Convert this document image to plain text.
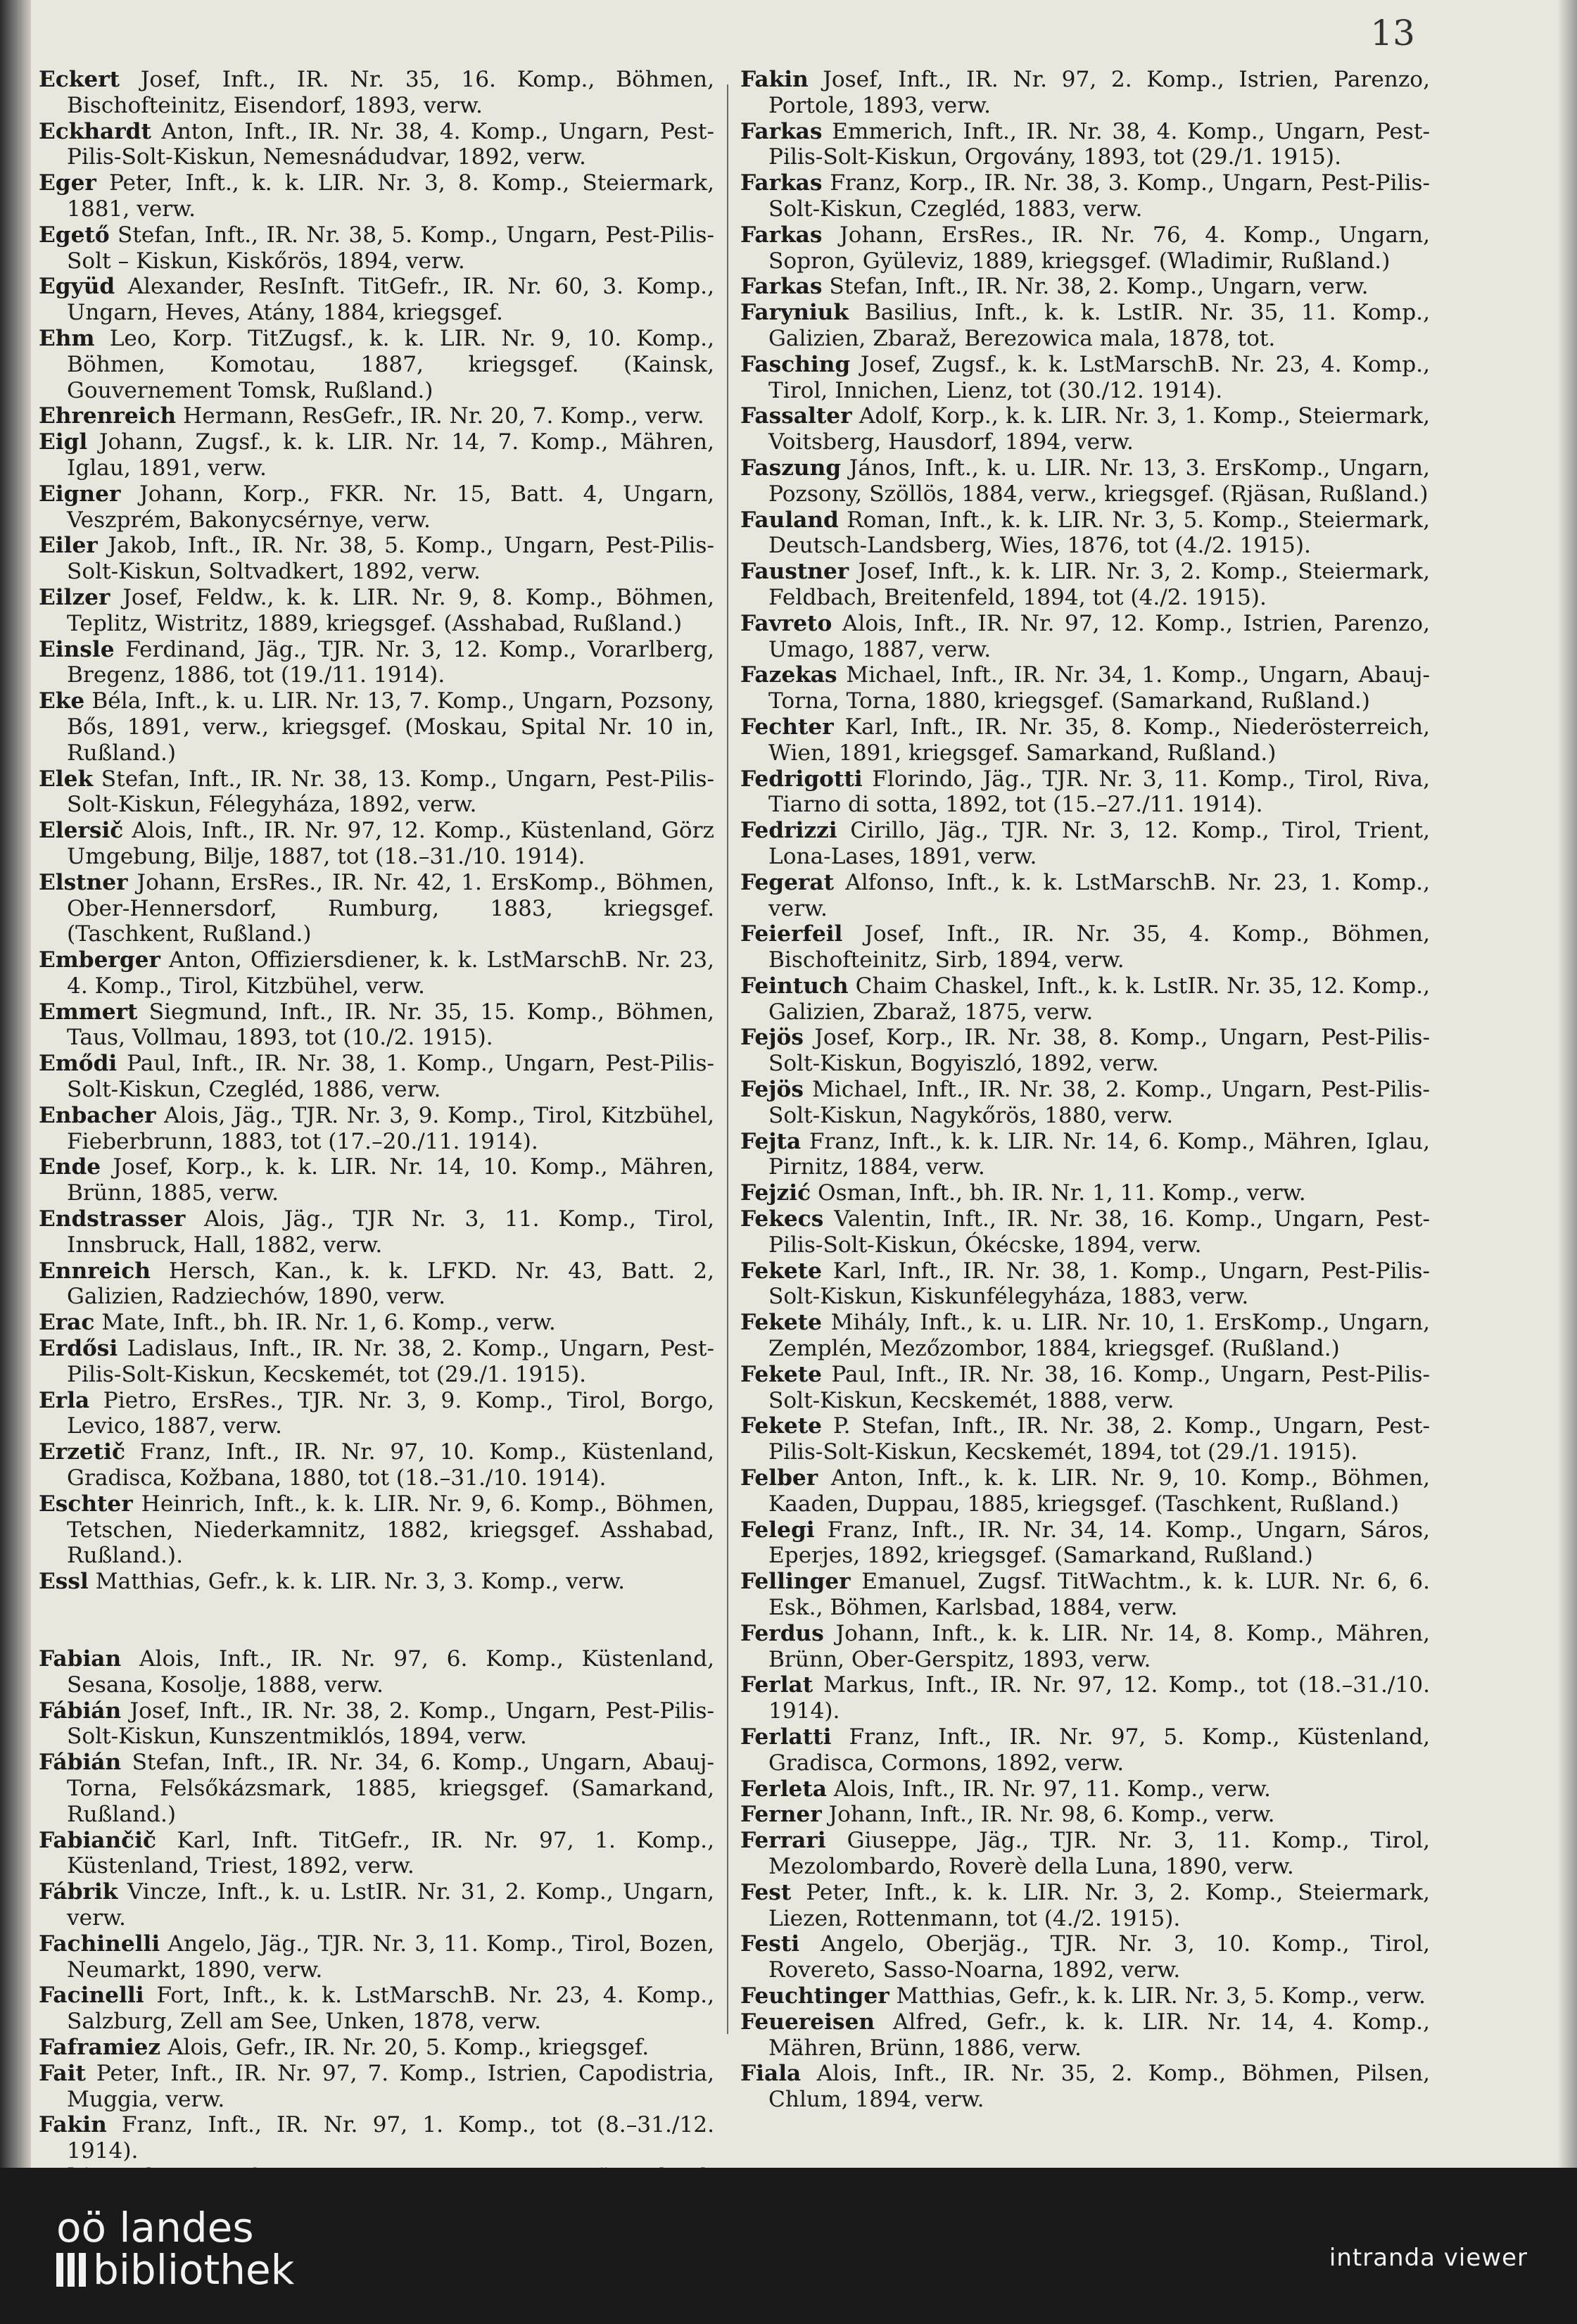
13

Eckert Josef, Inft., IR. Nr. 35, 16. Komp., Böhmen, Bischofteinitz, Eisendorf, 1893, verw.

Eckhardt Anton, Inft., IR. Nr. 38, 4. Komp., Ungarn, Pest-Pilis-Solt-Kiskun, Nemesnádudvar, 1892, verw.

Eger Peter, Inft., k. k. LIR. Nr. 3, 8. Komp., Steiermark, 1881, verw.

Egető Stefan, Inft., IR. Nr. 38, 5. Komp., Ungarn, Pest-Pilis-Solt – Kiskun, Kiskőrös, 1894, verw.

Együd Alexander, ResInft. TitGefr., IR. Nr. 60, 3. Komp., Ungarn, Heves, Atány, 1884, kriegsgef.

Ehm Leo, Korp. TitZugsf., k. k. LIR. Nr. 9, 10. Komp., Böhmen, Komotau, 1887, kriegsgef. (Kainsk, Gouvernement Tomsk, Rußland.)

Ehrenreich Hermann, ResGefr., IR. Nr. 20, 7. Komp., verw.

Eigl Johann, Zugsf., k. k. LIR. Nr. 14, 7. Komp., Mähren, Iglau, 1891, verw.

Eigner Johann, Korp., FKR. Nr. 15, Batt. 4, Ungarn, Veszprém, Bakonycsérnye, verw.

Eiler Jakob, Inft., IR. Nr. 38, 5. Komp., Ungarn, Pest-Pilis-Solt-Kiskun, Soltvadkert, 1892, verw.

Eilzer Josef, Feldw., k. k. LIR. Nr. 9, 8. Komp., Böhmen, Teplitz, Wistritz, 1889, kriegsgef. (Asshabad, Rußland.)

Einsle Ferdinand, Jäg., TJR. Nr. 3, 12. Komp., Vorarlberg, Bregenz, 1886, tot (19./11. 1914).

Eke Béla, Inft., k. u. LIR. Nr. 13, 7. Komp., Ungarn, Pozsony, Bős, 1891, verw., kriegsgef. (Moskau, Spital Nr. 10 in, Rußland.)

Elek Stefan, Inft., IR. Nr. 38, 13. Komp., Ungarn, Pest-Pilis-Solt-Kiskun, Félegyháza, 1892, verw.

Elersič Alois, Inft., IR. Nr. 97, 12. Komp., Küstenland, Görz Umgebung, Bilje, 1887, tot (18.–31./10. 1914).

Elstner Johann, ErsRes., IR. Nr. 42, 1. ErsKomp., Böhmen, Ober-Hennersdorf, Rumburg, 1883, kriegsgef. (Taschkent, Rußland.)

Emberger Anton, Offiziersdiener, k. k. LstMarschB. Nr. 23, 4. Komp., Tirol, Kitzbühel, verw.

Emmert Siegmund, Inft., IR. Nr. 35, 15. Komp., Böhmen, Taus, Vollmau, 1893, tot (10./2. 1915).

Emődi Paul, Inft., IR. Nr. 38, 1. Komp., Ungarn, Pest-Pilis-Solt-Kiskun, Czegléd, 1886, verw.

Enbacher Alois, Jäg., TJR. Nr. 3, 9. Komp., Tirol, Kitzbühel, Fieberbrunn, 1883, tot (17.–20./11. 1914).

Ende Josef, Korp., k. k. LIR. Nr. 14, 10. Komp., Mähren, Brünn, 1885, verw.

Endstrasser Alois, Jäg., TJR Nr. 3, 11. Komp., Tirol, Innsbruck, Hall, 1882, verw.

Ennreich Hersch, Kan., k. k. LFKD. Nr. 43, Batt. 2, Galizien, Radziechów, 1890, verw.

Erac Mate, Inft., bh. IR. Nr. 1, 6. Komp., verw.

Erdősi Ladislaus, Inft., IR. Nr. 38, 2. Komp., Ungarn, Pest-Pilis-Solt-Kiskun, Kecskemét, tot (29./1. 1915).

Erla Pietro, ErsRes., TJR. Nr. 3, 9. Komp., Tirol, Borgo, Levico, 1887, verw.

Erzetič Franz, Inft., IR. Nr. 97, 10. Komp., Küstenland, Gradisca, Kožbana, 1880, tot (18.–31./10. 1914).

Eschter Heinrich, Inft., k. k. LIR. Nr. 9, 6. Komp., Böhmen, Tetschen, Niederkamnitz, 1882, kriegsgef. Asshabad, Rußland.).

Essl Matthias, Gefr., k. k. LIR. Nr. 3, 3. Komp., verw.

Fabian Alois, Inft., IR. Nr. 97, 6. Komp., Küstenland, Sesana, Kosolje, 1888, verw.

Fábián Josef, Inft., IR. Nr. 38, 2. Komp., Ungarn, Pest-Pilis-Solt-Kiskun, Kunszentmiklós, 1894, verw.

Fábián Stefan, Inft., IR. Nr. 34, 6. Komp., Ungarn, Abauj-Torna, Felsőkázsmark, 1885, kriegsgef. (Samarkand, Rußland.)

Fabiančič Karl, Inft. TitGefr., IR. Nr. 97, 1. Komp., Küstenland, Triest, 1892, verw.

Fábrik Vincze, Inft., k. u. LstIR. Nr. 31, 2. Komp., Ungarn, verw.

Fachinelli Angelo, Jäg., TJR. Nr. 3, 11. Komp., Tirol, Bozen, Neumarkt, 1890, verw.

Facinelli Fort, Inft., k. k. LstMarschB. Nr. 23, 4. Komp., Salzburg, Zell am See, Unken, 1878, verw.

Faframiez Alois, Gefr., IR. Nr. 20, 5. Komp., kriegsgef.

Fait Peter, Inft., IR. Nr. 97, 7. Komp., Istrien, Capodistria, Muggia, verw.

Fakin Franz, Inft., IR. Nr. 97, 1. Komp., tot (8.–31./12. 1914).

Fakin Josef, Inft., IR. Nr. 97, 2. Komp., Istrien, Parenzo, Portole, 1893, verw.

Farkas Emmerich, Inft., IR. Nr. 38, 4. Komp., Ungarn, Pest-Pilis-Solt-Kiskun, Orgovány, 1893, tot (29./1. 1915).

Farkas Franz, Korp., IR. Nr. 38, 3. Komp., Ungarn, Pest-Pilis-Solt-Kiskun, Czegléd, 1883, verw.

Farkas Johann, ErsRes., IR. Nr. 76, 4. Komp., Ungarn, Sopron, Gyüleviz, 1889, kriegsgef. (Wladimir, Rußland.)

Farkas Stefan, Inft., IR. Nr. 38, 2. Komp., Ungarn, verw.

Faryniuk Basilius, Inft., k. k. LstIR. Nr. 35, 11. Komp., Galizien, Zbaraž, Berezowica mala, 1878, tot.

Fasching Josef, Zugsf., k. k. LstMarschB. Nr. 23, 4. Komp., Tirol, Innichen, Lienz, tot (30./12. 1914).

Fassalter Adolf, Korp., k. k. LIR. Nr. 3, 1. Komp., Steiermark, Voitsberg, Hausdorf, 1894, verw.

Faszung János, Inft., k. u. LIR. Nr. 13, 3. ErsKomp., Ungarn, Pozsony, Szöllös, 1884, verw., kriegsgef. (Rjäsan, Rußland.)

Fauland Roman, Inft., k. k. LIR. Nr. 3, 5. Komp., Steiermark, Deutsch-Landsberg, Wies, 1876, tot (4./2. 1915).

Faustner Josef, Inft., k. k. LIR. Nr. 3, 2. Komp., Steiermark, Feldbach, Breitenfeld, 1894, tot (4./2. 1915).

Favreto Alois, Inft., IR. Nr. 97, 12. Komp., Istrien, Parenzo, Umago, 1887, verw.

Fazekas Michael, Inft., IR. Nr. 34, 1. Komp., Ungarn, Abauj-Torna, Torna, 1880, kriegsgef. (Samarkand, Rußland.)

Fechter Karl, Inft., IR. Nr. 35, 8. Komp., Niederösterreich, Wien, 1891, kriegsgef. Samarkand, Rußland.)

Fedrigotti Florindo, Jäg., TJR. Nr. 3, 11. Komp., Tirol, Riva, Tiarno di sotta, 1892, tot (15.–27./11. 1914).

Fedrizzi Cirillo, Jäg., TJR. Nr. 3, 12. Komp., Tirol, Trient, Lona-Lases, 1891, verw.

Fegerat Alfonso, Inft., k. k. LstMarschB. Nr. 23, 1. Komp., verw.

Feierfeil Josef, Inft., IR. Nr. 35, 4. Komp., Böhmen, Bischofteinitz, Sirb, 1894, verw.

Feintuch Chaim Chaskel, Inft., k. k. LstIR. Nr. 35, 12. Komp., Galizien, Zbaraž, 1875, verw.

Fejös Josef, Korp., IR. Nr. 38, 8. Komp., Ungarn, Pest-Pilis-Solt-Kiskun, Bogyiszló, 1892, verw.

Fejös Michael, Inft., IR. Nr. 38, 2. Komp., Ungarn, Pest-Pilis-Solt-Kiskun, Nagykőrös, 1880, verw.

Fejta Franz, Inft., k. k. LIR. Nr. 14, 6. Komp., Mähren, Iglau, Pirnitz, 1884, verw.

Fejzić Osman, Inft., bh. IR. Nr. 1, 11. Komp., verw.

Fekecs Valentin, Inft., IR. Nr. 38, 16. Komp., Ungarn, Pest-Pilis-Solt-Kiskun, Ókécske, 1894, verw.

Fekete Karl, Inft., IR. Nr. 38, 1. Komp., Ungarn, Pest-Pilis-Solt-Kiskun, Kiskunfélegyháza, 1883, verw.

Fekete Mihály, Inft., k. u. LIR. Nr. 10, 1. ErsKomp., Ungarn, Zemplén, Mezőzombor, 1884, kriegsgef. (Rußland.)

Fekete Paul, Inft., IR. Nr. 38, 16. Komp., Ungarn, Pest-Pilis-Solt-Kiskun, Kecskemét, 1888, verw.

Fekete P. Stefan, Inft., IR. Nr. 38, 2. Komp., Ungarn, Pest-Pilis-Solt-Kiskun, Kecskemét, 1894, tot (29./1. 1915).

Felber Anton, Inft., k. k. LIR. Nr. 9, 10. Komp., Böhmen, Kaaden, Duppau, 1885, kriegsgef. (Taschkent, Rußland.)

Felegi Franz, Inft., IR. Nr. 34, 14. Komp., Ungarn, Sáros, Eperjes, 1892, kriegsgef. (Samarkand, Rußland.)

Fellinger Emanuel, Zugsf. TitWachtm., k. k. LUR. Nr. 6, 6. Esk., Böhmen, Karlsbad, 1884, verw.

Ferdus Johann, Inft., k. k. LIR. Nr. 14, 8. Komp., Mähren, Brünn, Ober-Gerspitz, 1893, verw.

Ferlat Markus, Inft., IR. Nr. 97, 12. Komp., tot (18.–31./10. 1914).

Ferlatti Franz, Inft., IR. Nr. 97, 5. Komp., Küstenland, Gradisca, Cormons, 1892, verw.

Ferleta Alois, Inft., IR. Nr. 97, 11. Komp., verw.

Ferner Johann, Inft., IR. Nr. 98, 6. Komp., verw.

Ferrari Giuseppe, Jäg., TJR. Nr. 3, 11. Komp., Tirol, Mezolombardo, Roverè della Luna, 1890, verw.

Fest Peter, Inft., k. k. LIR. Nr. 3, 2. Komp., Steiermark, Liezen, Rottenmann, tot (4./2. 1915).

Festi Angelo, Oberjäg., TJR. Nr. 3, 10. Komp., Tirol, Rovereto, Sasso-Noarna, 1892, verw.

Feuchtinger Matthias, Gefr., k. k. LIR. Nr. 3, 5. Komp., verw.

Feuereisen Alfred, Gefr., k. k. LIR. Nr. 14, 4. Komp., Mähren, Brünn, 1886, verw.

Fiala Alois, Inft., IR. Nr. 35, 2. Komp., Böhmen, Pilsen, Chlum, 1894, verw.

oö landes
bibliothek	intranda viewer
